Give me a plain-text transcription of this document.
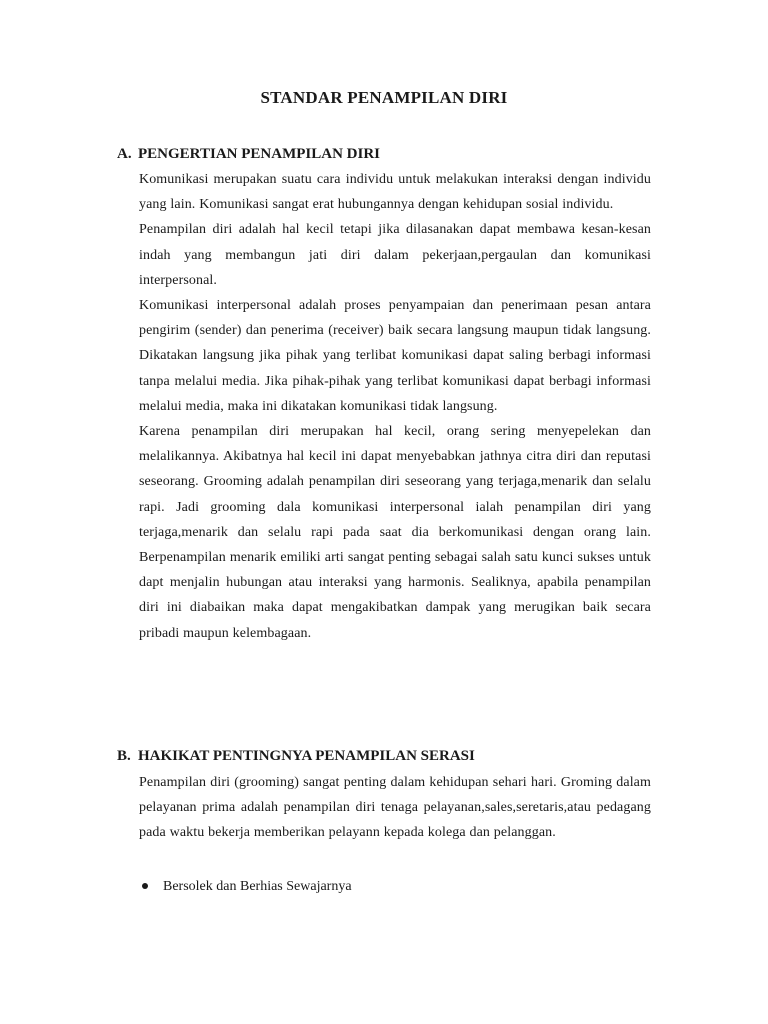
STANDAR PENAMPILAN DIRI
A. PENGERTIAN PENAMPILAN DIRI

Komunikasi merupakan suatu cara individu untuk melakukan interaksi dengan individu yang lain. Komunikasi sangat erat hubungannya dengan kehidupan sosial individu.

Penampilan diri adalah hal kecil tetapi jika dilasanakan dapat membawa kesan-kesan indah yang membangun jati diri dalam pekerjaan,pergaulan dan komunikasi interpersonal.

Komunikasi interpersonal adalah proses penyampaian dan penerimaan pesan antara pengirim (sender) dan penerima (receiver) baik secara langsung maupun tidak langsung. Dikatakan langsung jika pihak yang terlibat komunikasi dapat saling berbagi informasi tanpa melalui media. Jika pihak-pihak yang terlibat komunikasi dapat berbagi informasi melalui media, maka ini dikatakan komunikasi tidak langsung.

Karena penampilan diri merupakan hal kecil, orang sering menyepelekan dan melalikannya. Akibatnya hal kecil ini dapat menyebabkan jathnya citra diri dan reputasi seseorang. Grooming adalah penampilan diri seseorang yang terjaga,menarik dan selalu rapi. Jadi grooming dala komunikasi interpersonal ialah penampilan diri yang terjaga,menarik dan selalu rapi pada saat dia berkomunikasi dengan orang lain. Berpenampilan menarik emiliki arti sangat penting sebagai salah satu kunci sukses untuk dapt menjalin hubungan atau interaksi yang harmonis. Sealiknya, apabila penampilan diri ini diabaikan maka dapat mengakibatkan dampak yang merugikan baik secara pribadi maupun kelembagaan.

B. HAKIKAT PENTINGNYA PENAMPILAN SERASI

Penampilan diri (grooming) sangat penting dalam kehidupan sehari hari. Groming dalam pelayanan prima adalah penampilan diri tenaga pelayanan,sales,seretaris,atau pedagang pada waktu bekerja memberikan pelayann kepada kolega dan pelanggan.

Bersolek dan Berhias Sewajarnya
